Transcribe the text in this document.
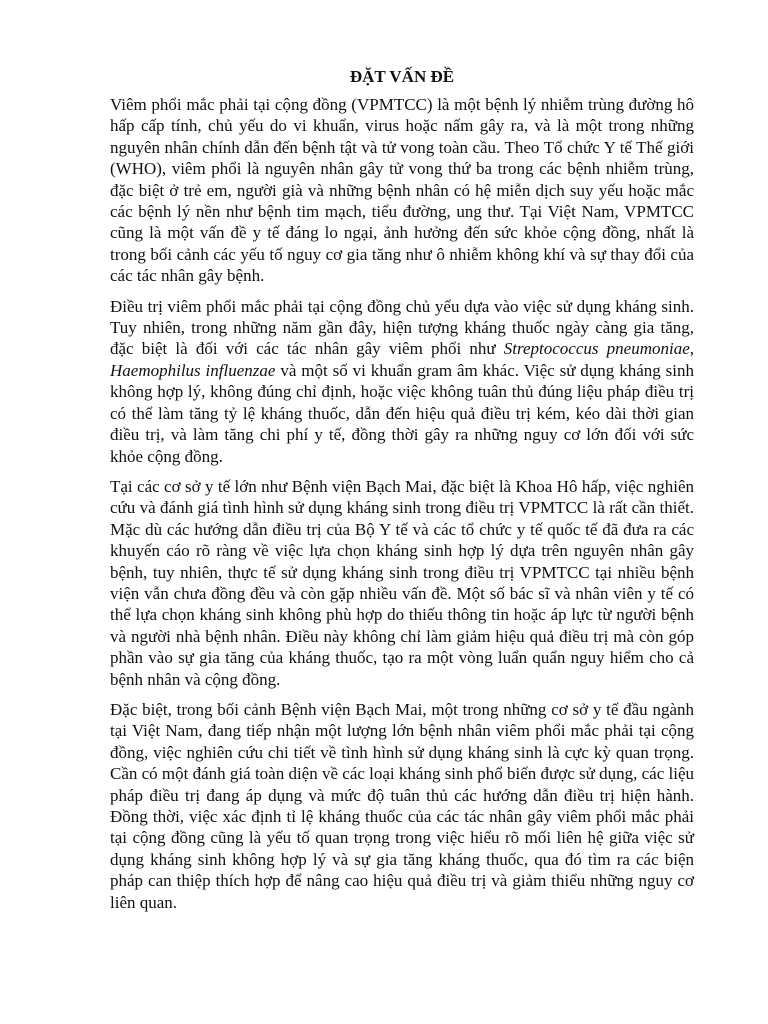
ĐẶT VẤN ĐỀ

Viêm phổi mắc phải tại cộng đồng (VPMTCC) là một bệnh lý nhiễm trùng đường hô hấp cấp tính, chủ yếu do vi khuẩn, virus hoặc nấm gây ra, và là một trong những nguyên nhân chính dẫn đến bệnh tật và tử vong toàn cầu. Theo Tổ chức Y tế Thế giới (WHO), viêm phổi là nguyên nhân gây tử vong thứ ba trong các bệnh nhiễm trùng, đặc biệt ở trẻ em, người già và những bệnh nhân có hệ miễn dịch suy yếu hoặc mắc các bệnh lý nền như bệnh tim mạch, tiểu đường, ung thư. Tại Việt Nam, VPMTCC cũng là một vấn đề y tế đáng lo ngại, ảnh hưởng đến sức khỏe cộng đồng, nhất là trong bối cảnh các yếu tố nguy cơ gia tăng như ô nhiễm không khí và sự thay đổi của các tác nhân gây bệnh.

Điều trị viêm phổi mắc phải tại cộng đồng chủ yếu dựa vào việc sử dụng kháng sinh. Tuy nhiên, trong những năm gần đây, hiện tượng kháng thuốc ngày càng gia tăng, đặc biệt là đối với các tác nhân gây viêm phổi như Streptococcus pneumoniae, Haemophilus influenzae và một số vi khuẩn gram âm khác. Việc sử dụng kháng sinh không hợp lý, không đúng chỉ định, hoặc việc không tuân thủ đúng liệu pháp điều trị có thể làm tăng tỷ lệ kháng thuốc, dẫn đến hiệu quả điều trị kém, kéo dài thời gian điều trị, và làm tăng chi phí y tế, đồng thời gây ra những nguy cơ lớn đối với sức khỏe cộng đồng.

Tại các cơ sở y tế lớn như Bệnh viện Bạch Mai, đặc biệt là Khoa Hô hấp, việc nghiên cứu và đánh giá tình hình sử dụng kháng sinh trong điều trị VPMTCC là rất cần thiết. Mặc dù các hướng dẫn điều trị của Bộ Y tế và các tổ chức y tế quốc tế đã đưa ra các khuyến cáo rõ ràng về việc lựa chọn kháng sinh hợp lý dựa trên nguyên nhân gây bệnh, tuy nhiên, thực tế sử dụng kháng sinh trong điều trị VPMTCC tại nhiều bệnh viện vẫn chưa đồng đều và còn gặp nhiều vấn đề. Một số bác sĩ và nhân viên y tế có thể lựa chọn kháng sinh không phù hợp do thiếu thông tin hoặc áp lực từ người bệnh và người nhà bệnh nhân. Điều này không chỉ làm giảm hiệu quả điều trị mà còn góp phần vào sự gia tăng của kháng thuốc, tạo ra một vòng luẩn quẩn nguy hiểm cho cả bệnh nhân và cộng đồng.

Đặc biệt, trong bối cảnh Bệnh viện Bạch Mai, một trong những cơ sở y tế đầu ngành tại Việt Nam, đang tiếp nhận một lượng lớn bệnh nhân viêm phổi mắc phải tại cộng đồng, việc nghiên cứu chi tiết về tình hình sử dụng kháng sinh là cực kỳ quan trọng. Cần có một đánh giá toàn diện về các loại kháng sinh phổ biến được sử dụng, các liệu pháp điều trị đang áp dụng và mức độ tuân thủ các hướng dẫn điều trị hiện hành. Đồng thời, việc xác định tỉ lệ kháng thuốc của các tác nhân gây viêm phổi mắc phải tại cộng đồng cũng là yếu tố quan trọng trong việc hiểu rõ mối liên hệ giữa việc sử dụng kháng sinh không hợp lý và sự gia tăng kháng thuốc, qua đó tìm ra các biện pháp can thiệp thích hợp để nâng cao hiệu quả điều trị và giảm thiểu những nguy cơ liên quan.
